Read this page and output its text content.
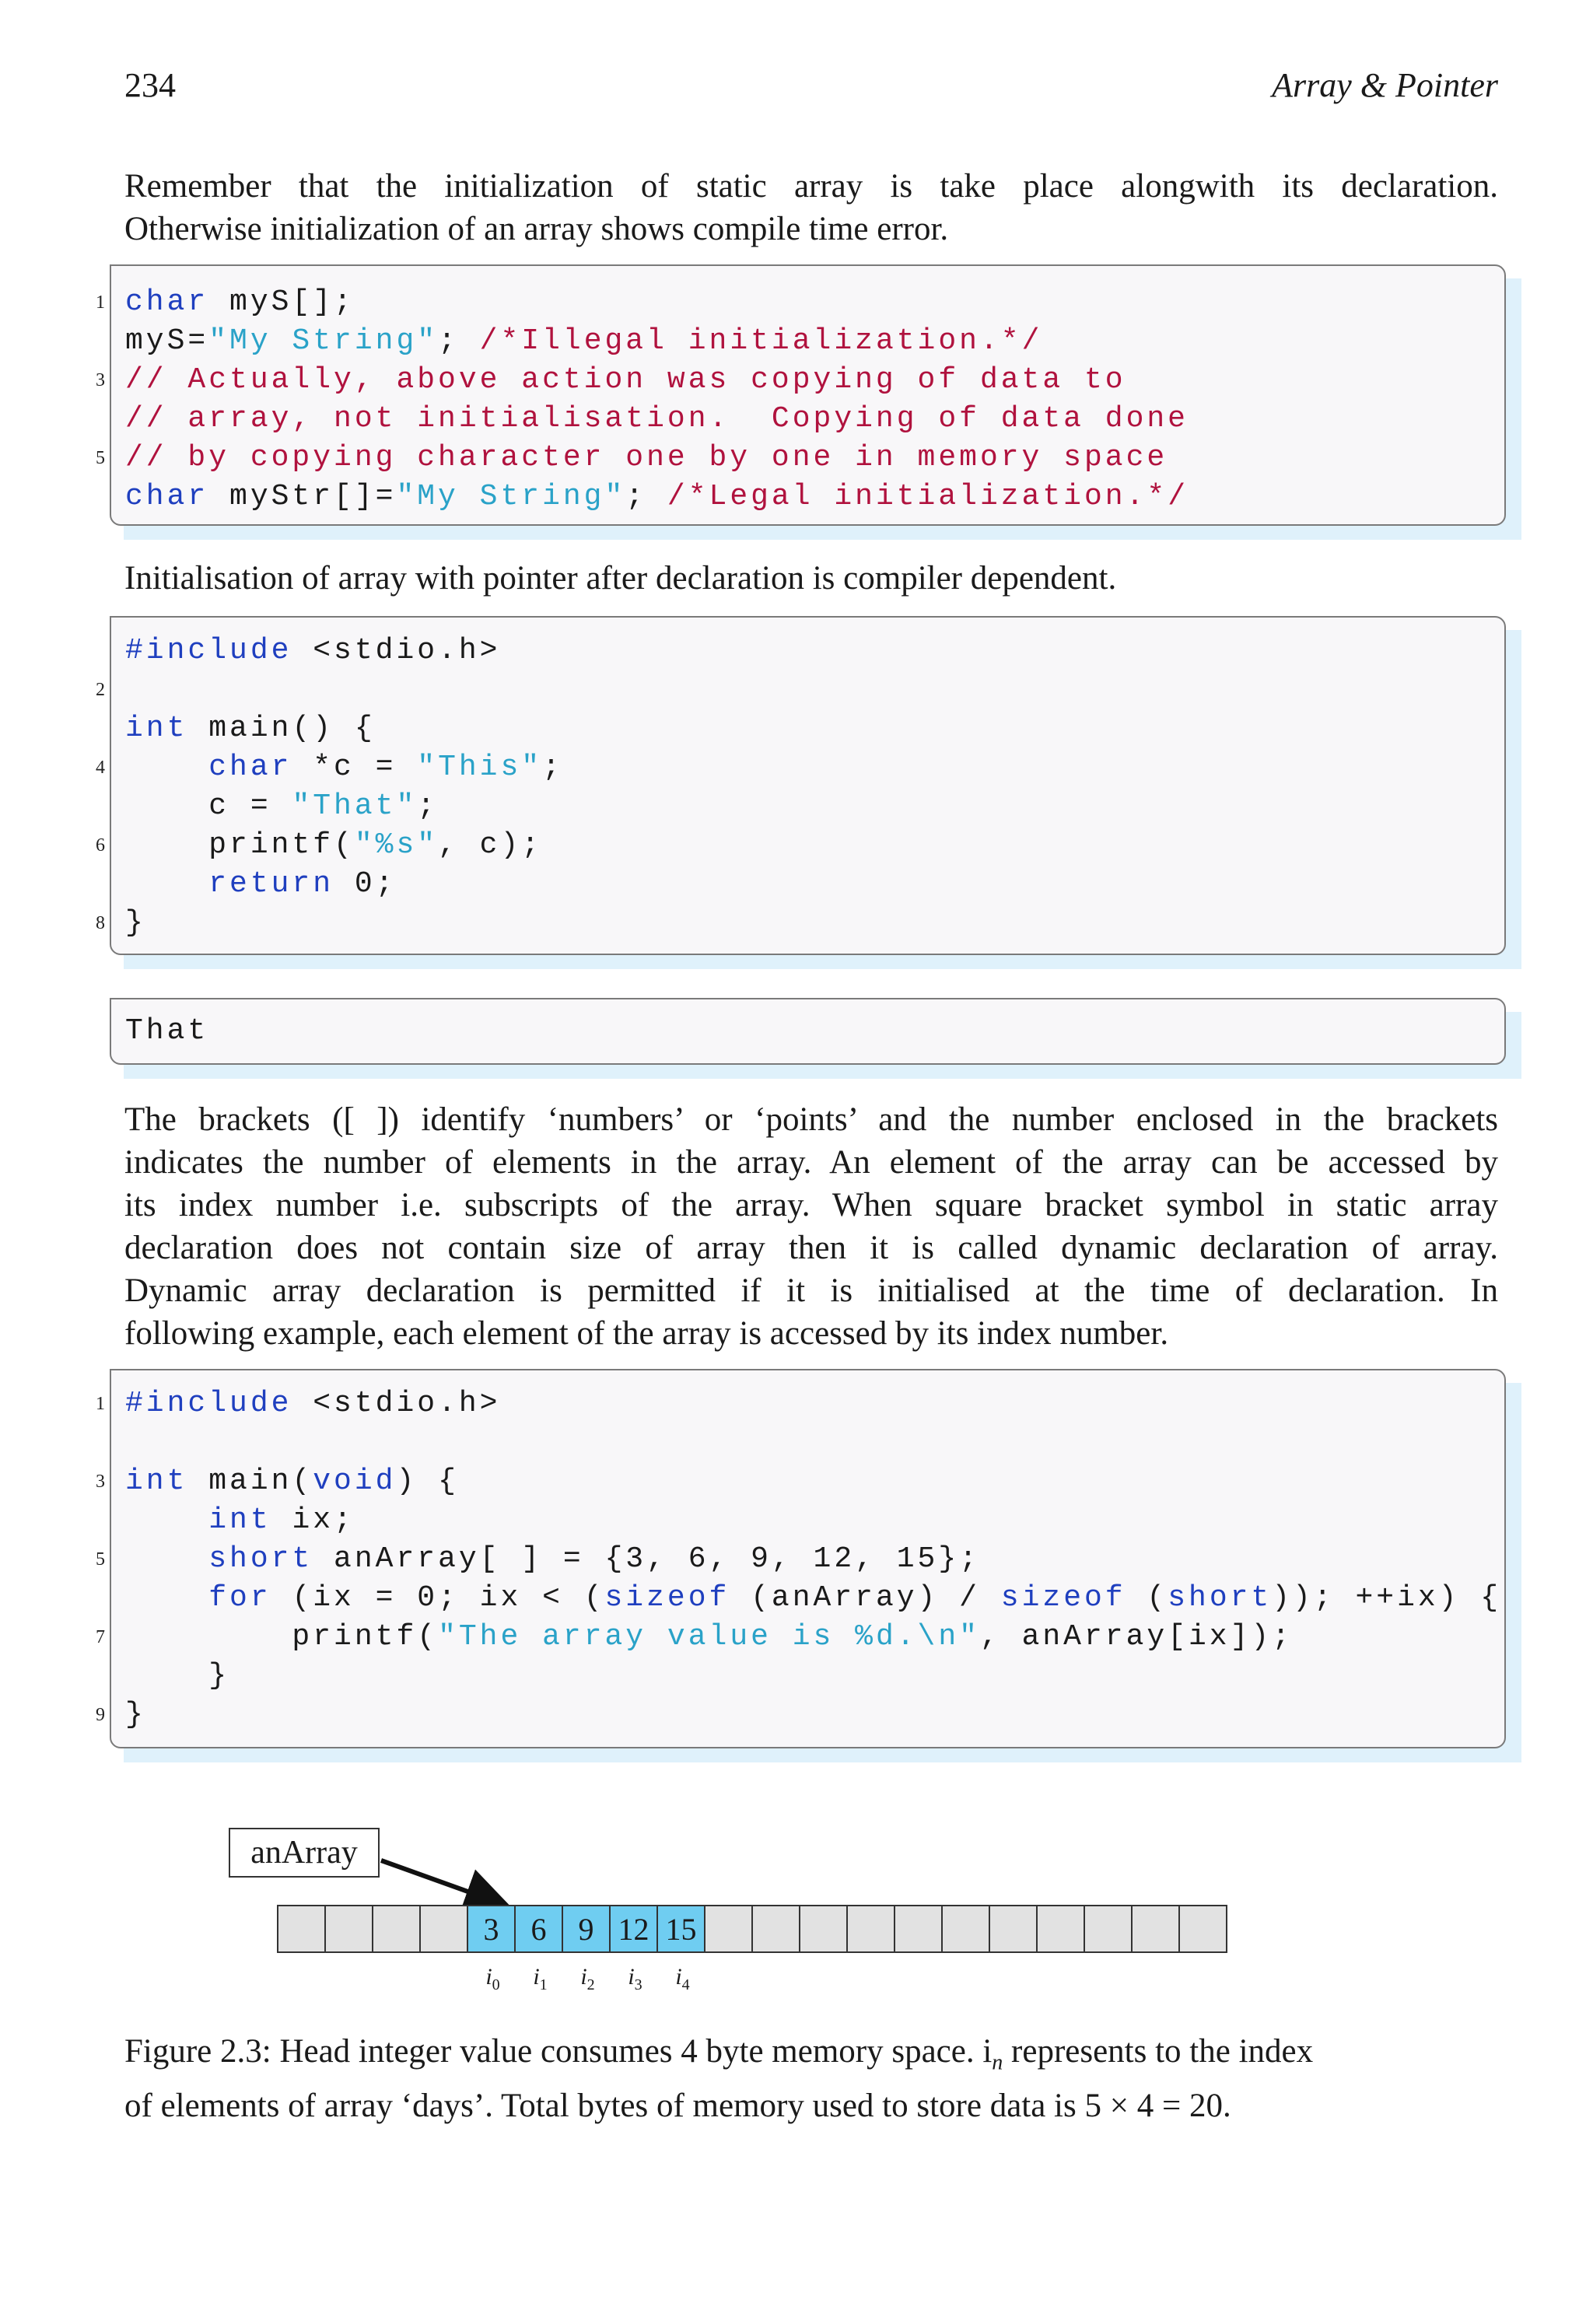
234	Array & Pointer
Remember that the initialization of static array is take place alongwith its declaration.
Otherwise initialization of an array shows compile time error.
1

3

5

char myS[];
myS="My String"; /*Illegal initialization.*/
// Actually, above action was copying of data to
// array, not initialisation.  Copying of data done
// by copying character one by one in memory space
char myStr[]="My String"; /*Legal initialization.*/
Initialisation of array with pointer after declaration is compiler dependent.

2

4

6

8
#include <stdio.h>

int main() {
char *c = "This";
c = "That";
printf("%s", c);
return 0;
}
That
The brackets ([ ]) identify ‘numbers’ or ‘points’ and the number enclosed in the brackets
indicates the number of elements in the array. An element of the array can be accessed by
its index number i.e. subscripts of the array. When square bracket symbol in static array
declaration does not contain size of array then it is called dynamic declaration of array.
Dynamic array declaration is permitted if it is initialised at the time of declaration. In
following example, each element of the array is accessed by its index number.
1

3

5

7

9
#include <stdio.h>

int main(void) {
int ix;
short anArray[ ] = {3, 6, 9, 12, 15};
for (ix = 0; ix < (sizeof (anArray) / sizeof (short)); ++ix) {
printf("The array value is %d.\n", anArray[ix]);
}
}
anArray
3	6	9 12 15
$i_0$	$i_1$	$i_2$	$i_3$	$i_4$
Figure 2.3: Head integer value consumes 4 byte memory space. $i_n$ represents to the index
of elements of array ‘days’. Total bytes of memory used to store data is 5 × 4 = 20.
